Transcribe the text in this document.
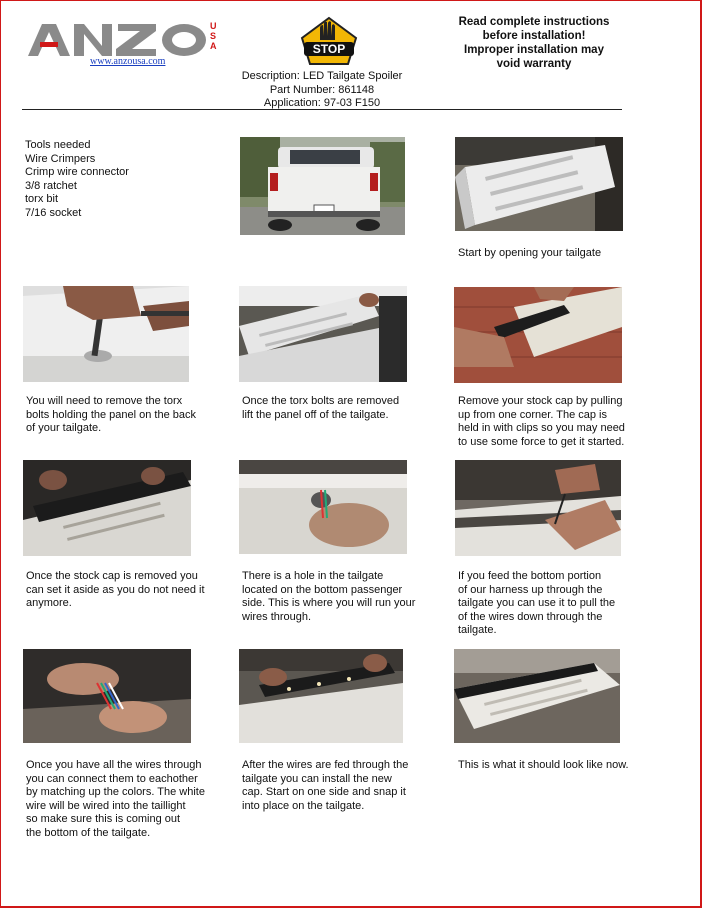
U
S
A
www.anzousa.com
STOP
Description: LED Tailgate Spoiler
Part Number: 861148
Application: 97-03 F150
Read complete instructions
before installation!
Improper installation may
void warranty
Tools needed
Wire Crimpers
Crimp wire connector
3/8 ratchet
torx bit
7/16 socket
Start by opening your tailgate
You will need to remove the torx
bolts holding the panel on the back
of your tailgate.
Once the torx bolts are removed
lift the panel off of the tailgate.
Remove your stock cap by pulling
up from one corner. The cap is
held in with clips so you may need
to use some force to get it started.
Once the stock cap is removed you
can set it aside as you do not need it
anymore.
There is a hole in the tailgate
located on the bottom passenger
side. This is where you will run your
wires through.
If you feed the bottom portion
of our harness up through the
tailgate you can use it to pull the
of the wires down through the
tailgate.
Once you have all the wires through
you can connect them to eachother
by matching up the colors. The white
wire will be wired into the taillight
so make sure this is coming out
the bottom of the tailgate.
After the wires are fed through the
tailgate you can install the new
cap. Start on one side and snap it
into place on the tailgate.
This is what it should look like now.
